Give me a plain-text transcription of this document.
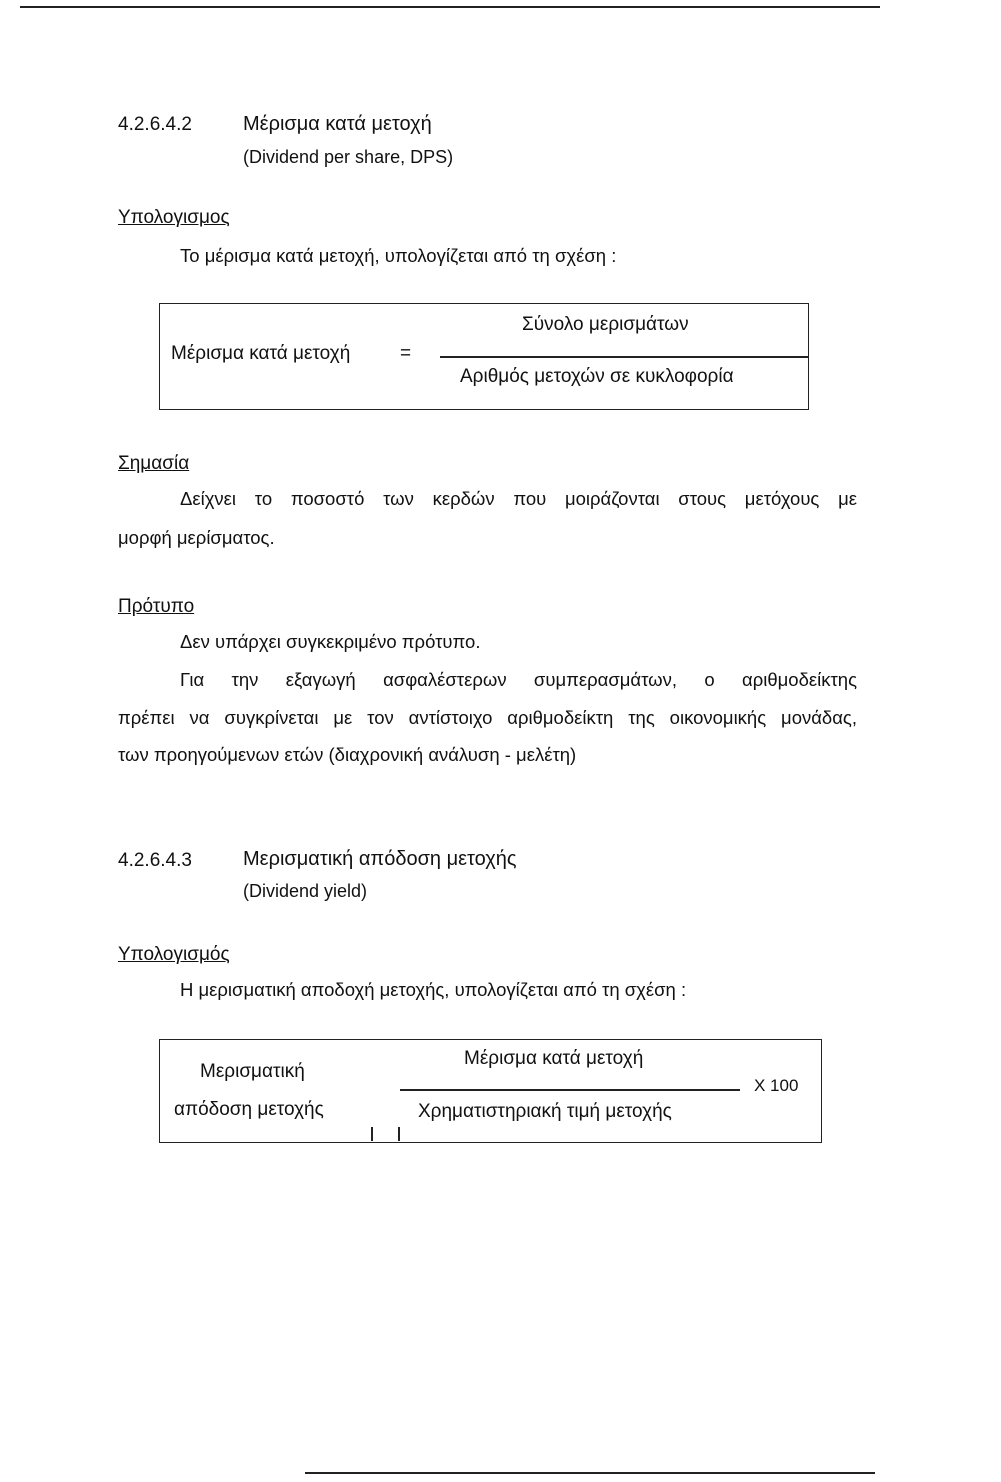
4.2.6.4.2	Μέρισμα κατά μετοχή
(Dividend per share, DPS)
Υπολογισμος
Το μέρισμα κατά μετοχή, υπολογίζεται από τη σχέση :
Μέρισμα κατά μετοχή	=
Σύνολο μερισμάτων
Αριθμός μετοχών σε κυκλοφορία
Σημασία
Δείχνει το ποσοστό των κερδών που μοιράζονται στους μετόχους με
μορφή μερίσματος.
Πρότυπο
Δεν υπάρχει συγκεκριμένο πρότυπο.
Για την εξαγωγή ασφαλέστερων συμπερασμάτων, ο αριθμοδείκτης
πρέπει να συγκρίνεται με τον αντίστοιχο αριθμοδείκτη της οικονομικής μονάδας,
των προηγούμενων ετών (διαχρονική ανάλυση - μελέτη)
4.2.6.4.3	Μερισματική απόδοση μετοχής
(Dividend yield)
Υπολογισμός
Η μερισματική αποδοχή μετοχής, υπολογίζεται από τη σχέση :
Μερισματική
απόδοση μετοχής
Μέρισμα κατά μετοχή
Χρηματιστηριακή τιμή μετοχής
X 100
